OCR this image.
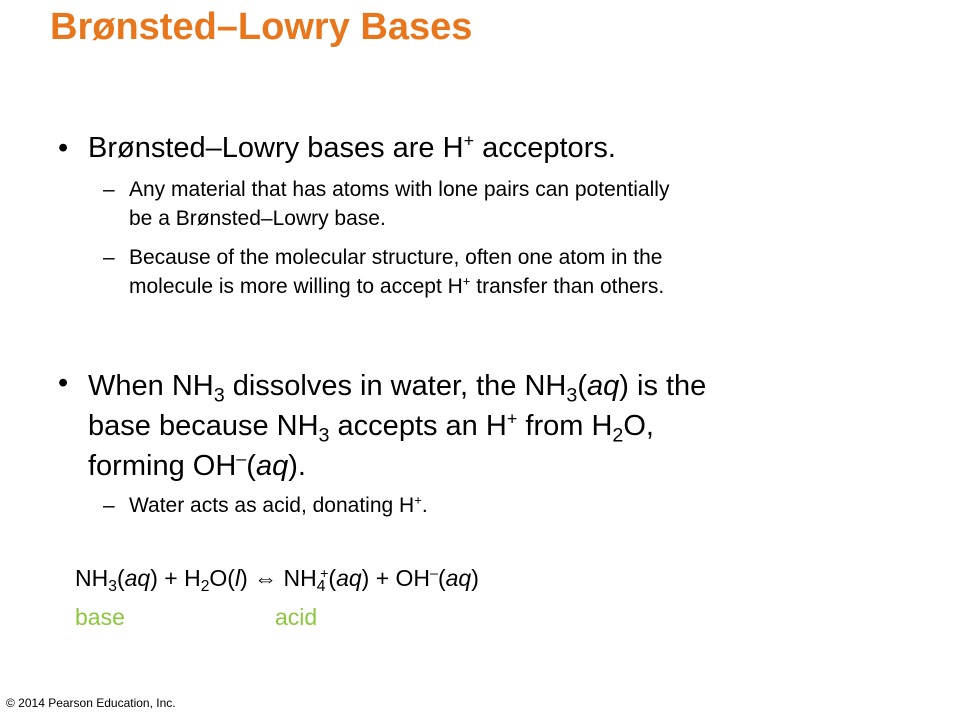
Brønsted–Lowry Bases
• Brønsted–Lowry bases are H+ acceptors.
– Any material that has atoms with lone pairs can potentially
be a Brønsted–Lowry base.
– Because of the molecular structure, often one atom in the
molecule is more willing to accept H+ transfer than others.
• When $NH_3$ dissolves in water, the $NH_3(aq)$ is the
base because $NH_3$ accepts an H+ from $H_2O$,
forming OH–(aq).
– Water acts as acid, donating H+.
$NH_3(aq) + H_2O(l)$ ⇔ $NH_4^+(aq) + OH^-(aq)$
base	acid
© 2014 Pearson Education, Inc.
